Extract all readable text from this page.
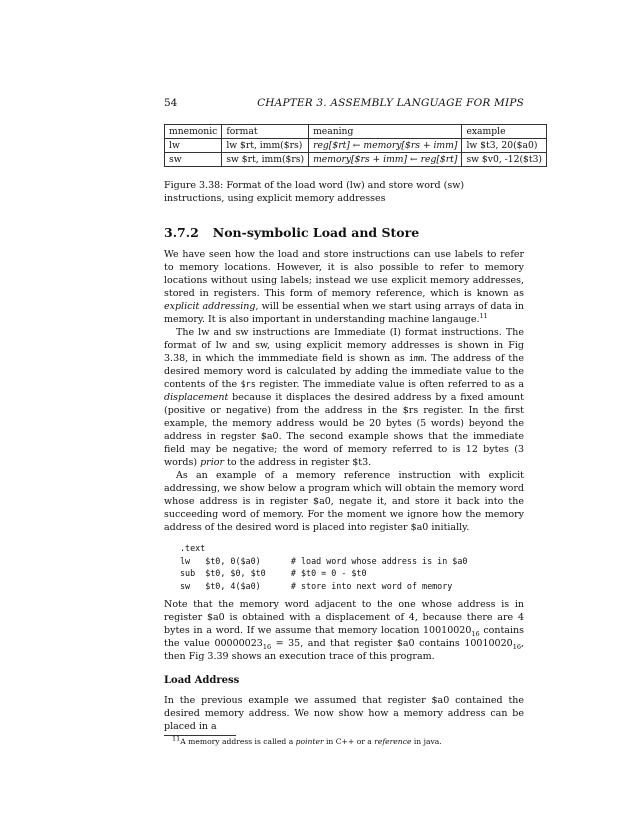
54	CHAPTER 3. ASSEMBLY LANGUAGE FOR MIPS
mnemonic	format	meaning	example
lw	lw $rt, imm($rs)	reg[$rt] ← memory[$rs + imm]	lw $t3, 20($a0)
sw	sw $rt, imm($rs)	memory[$rs + imm] ← reg[$rt]	sw $v0, -12($t3)
Figure 3.38: Format of the load word (lw) and store word (sw) instructions, using explicit memory addresses
3.7.2 Non-symbolic Load and Store

We have seen how the load and store instructions can use labels to refer to memory locations. However, it is also possible to refer to memory locations without using labels; instead we use explicit memory addresses, stored in registers. This form of memory reference, which is known as explicit addressing, will be essential when we start using arrays of data in memory. It is also important in understanding machine langauge.$^{11}$

The lw and sw instructions are Immediate (I) format instructions. The format of lw and sw, using explicit memory addresses is shown in Fig 3.38, in which the immmediate field is shown as imm. The address of the desired memory word is calculated by adding the immediate value to the contents of the $rs register. The immediate value is often referred to as a displacement because it displaces the desired address by a fixed amount (positive or negative) from the address in the $rs register. In the first example, the memory address would be 20 bytes (5 words) beyond the address in regster $a0. The second example shows that the immediate field may be negative; the word of memory referred to is 12 bytes (3 words) prior to the address in register $t3.

As an example of a memory reference instruction with explicit addressing, we show below a program which will obtain the memory word whose address is in register $a0, negate it, and store it back into the succeeding word of memory. For the moment we ignore how the memory address of the desired word is placed into register $a0 initially.

.text
lw   $t0, 0($a0)      # load word whose address is in $a0
sub  $t0, $0, $t0     # $t0 = 0 - $t0
sw   $t0, 4($a0)      # store into next word of memory

Note that the memory word adjacent to the one whose address is in register $a0 is obtained with a displacement of 4, because there are 4 bytes in a word. If we assume that memory location $10010020_{16}$ contains the value $00000023_{16} = 35$, and that register $a0 contains $10010020_{16}$, then Fig 3.39 shows an execution trace of this program.

Load Address

In the previous example we assumed that register $a0 contained the desired memory address. We now show how a memory address can be placed in a

$^{11}$A memory address is called a pointer in C++ or a reference in java.
